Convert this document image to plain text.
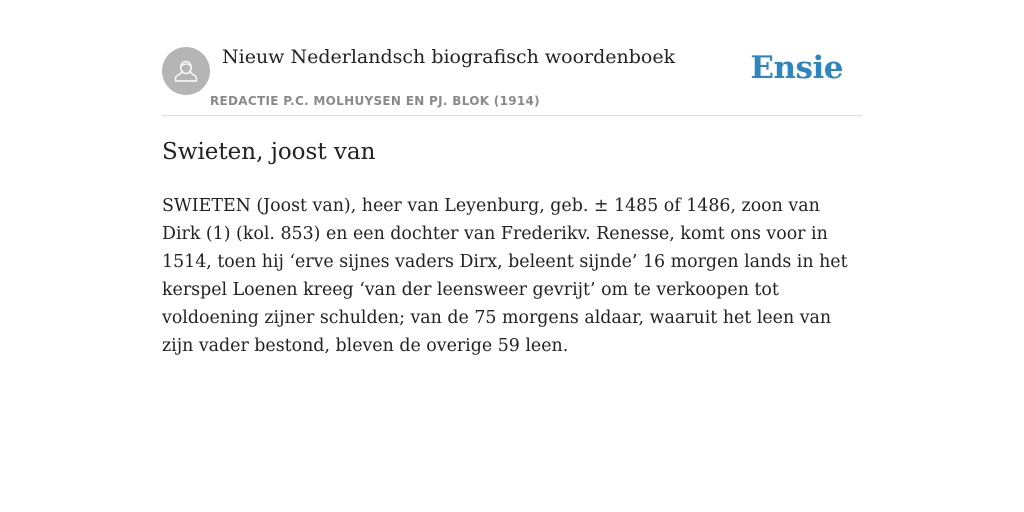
Nieuw Nederlandsch biografisch woordenboek
REDACTIE P.C. MOLHUYSEN EN PJ. BLOK (1914)
Ensie
Swieten, joost van

SWIETEN (Joost van), heer van Leyenburg, geb. ± 1485 of 1486, zoon van Dirk (1) (kol. 853) en een dochter van Frederikv. Renesse, komt ons voor in 1514, toen hij ‘erve sijnes vaders Dirx, beleent sijnde’ 16 morgen lands in het kerspel Loenen kreeg ‘van der leensweer gevrijt’ om te verkoopen tot voldoening zijner schulden; van de 75 morgens aldaar, waaruit het leen van zijn vader bestond, bleven de overige 59 leen.
